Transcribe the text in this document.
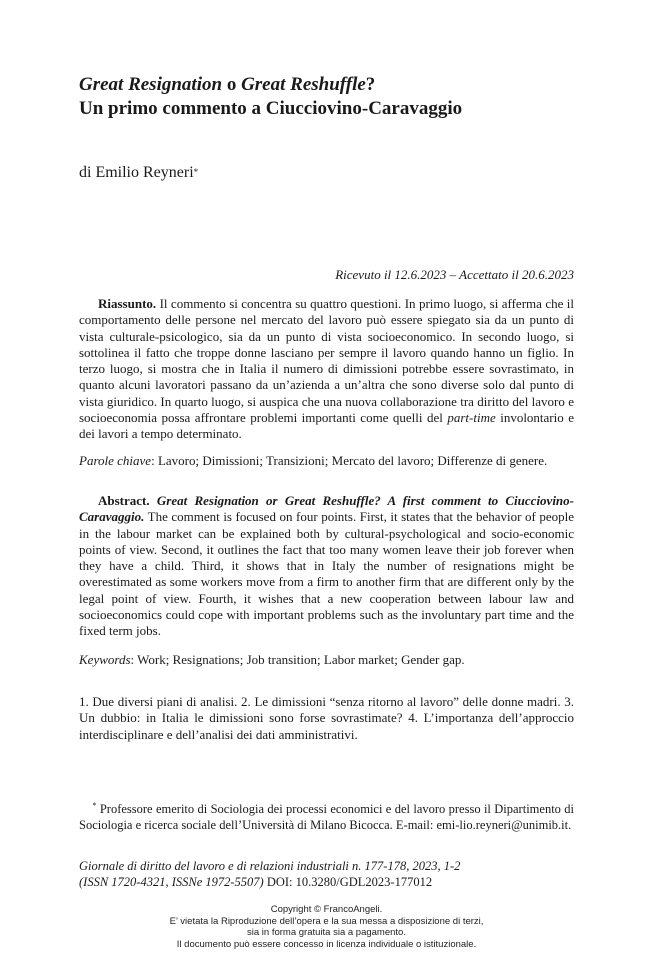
Great Resignation o Great Reshuffle?
Un primo commento a Ciucciovino-Caravaggio
di Emilio Reyneri*
Ricevuto il 12.6.2023 – Accettato il 20.6.2023
Riassunto. Il commento si concentra su quattro questioni. In primo luogo, si afferma che il comportamento delle persone nel mercato del lavoro può essere spiegato sia da un punto di vista culturale-psicologico, sia da un punto di vista socioeconomico. In secondo luogo, si sottolinea il fatto che troppe donne lasciano per sempre il lavoro quando hanno un figlio. In terzo luogo, si mostra che in Italia il numero di dimissioni potrebbe essere sovrastimato, in quanto alcuni lavoratori passano da un’azienda a un’altra che sono diverse solo dal punto di vista giuridico. In quarto luogo, si auspica che una nuova collaborazione tra diritto del lavoro e socioeconomia possa affrontare problemi importanti come quelli del part-time involontario e dei lavori a tempo determinato.
Parole chiave: Lavoro; Dimissioni; Transizioni; Mercato del lavoro; Differenze di genere.
Abstract. Great Resignation or Great Reshuffle? A first comment to Ciucciovino-Caravaggio. The comment is focused on four points. First, it states that the behavior of people in the labour market can be explained both by cultural-psychological and socio-economic points of view. Second, it outlines the fact that too many women leave their job forever when they have a child. Third, it shows that in Italy the number of resignations might be overestimated as some workers move from a firm to another firm that are different only by the legal point of view. Fourth, it wishes that a new cooperation between labour law and socioeconomics could cope with important problems such as the involuntary part time and the fixed term jobs.
Keywords: Work; Resignations; Job transition; Labor market; Gender gap.
1. Due diversi piani di analisi. 2. Le dimissioni “senza ritorno al lavoro” delle donne madri. 3. Un dubbio: in Italia le dimissioni sono forse sovrastimate? 4. L’importanza dell’approccio interdisciplinare e dell’analisi dei dati amministrativi.
* Professore emerito di Sociologia dei processi economici e del lavoro presso il Dipartimento di Sociologia e ricerca sociale dell’Università di Milano Bicocca. E-mail: emi-lio.reyneri@unimib.it.
Giornale di diritto del lavoro e di relazioni industriali n. 177-178, 2023, 1-2
(ISSN 1720-4321, ISSNe 1972-5507) DOI: 10.3280/GDL2023-177012
Copyright © FrancoAngeli.
E’ vietata la Riproduzione dell’opera e la sua messa a disposizione di terzi,
sia in forma gratuita sia a pagamento.
Il documento può essere concesso in licenza individuale o istituzionale.
